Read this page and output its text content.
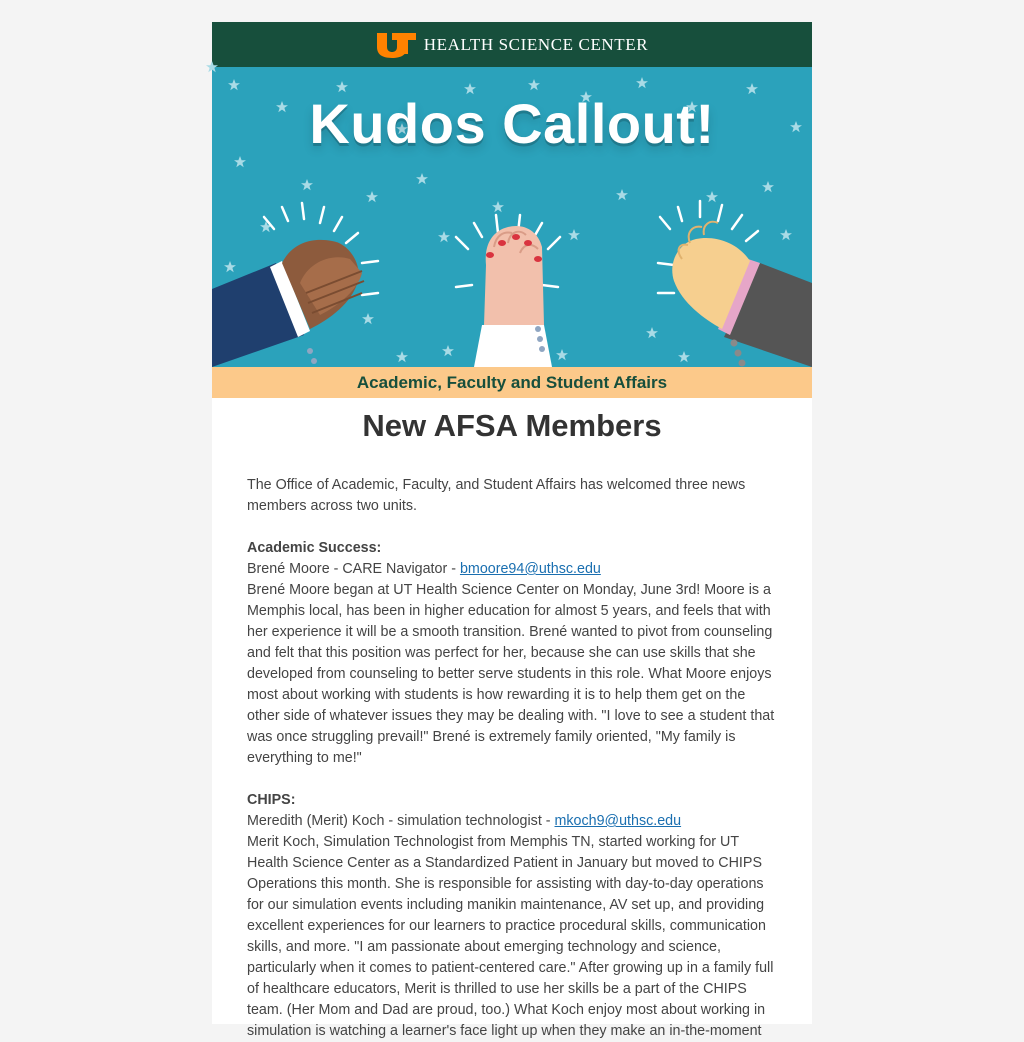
HEALTH SCIENCE CENTER
Kudos Callout!
Academic, Faculty and Student Affairs
New AFSA Members

The Office of Academic, Faculty, and Student Affairs has welcomed three news members across two units.

Academic Success:

Brené Moore - CARE Navigator - bmoore94@uthsc.edu

Brené Moore began at UT Health Science Center on Monday, June 3rd! Moore is a Memphis local, has been in higher education for almost 5 years, and feels that with her experience it will be a smooth transition. Brené wanted to pivot from counseling and felt that this position was perfect for her, because she can use skills that she developed from counseling to better serve students in this role. What Moore enjoys most about working with students is how rewarding it is to help them get on the other side of whatever issues they may be dealing with. "I love to see a student that was once struggling prevail!" Brené is extremely family oriented, "My family is everything to me!"

CHIPS:

Meredith (Merit) Koch - simulation technologist - mkoch9@uthsc.edu

Merit Koch, Simulation Technologist from Memphis TN, started working for UT Health Science Center as a Standardized Patient in January but moved to CHIPS Operations this month. She is responsible for assisting with day-to-day operations for our simulation events including manikin maintenance, AV set up, and providing excellent experiences for our learners to practice procedural skills, communication skills, and more. "I am passionate about emerging technology and science, particularly when it comes to patient-centered care." After growing up in a family full of healthcare educators, Merit is thrilled to use her skills be a part of the CHIPS team. (Her Mom and Dad are proud, too.) What Koch enjoy most about working in simulation is watching a learner's face light up when they make an in-the-moment
